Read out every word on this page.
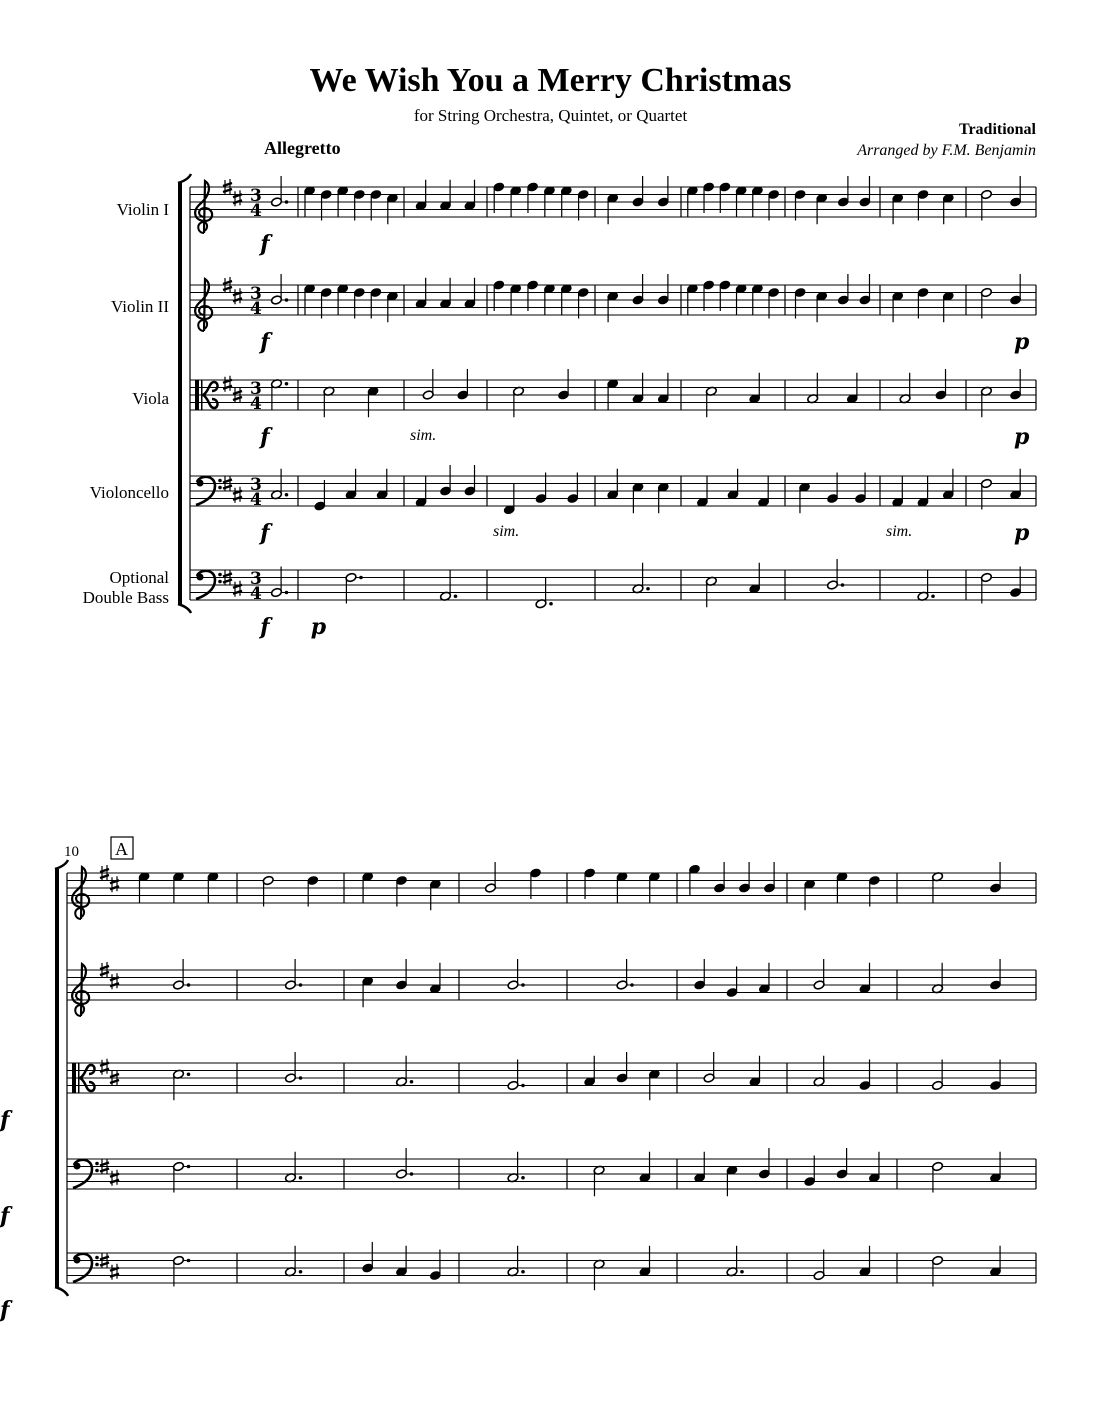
We Wish You a Merry Christmas
for String Orchestra, Quintet, or Quartet
Traditional
Arranged by F.M. Benjamin
Allegretto
Violin I
Violin II
Viola
Violoncello
Optional
Double Bass
3
4
3
4
3
4
3
4
3
4
f
f	p
f	p
f	p
f p
sim.
sim.	sim.
f
f
f
10 A
